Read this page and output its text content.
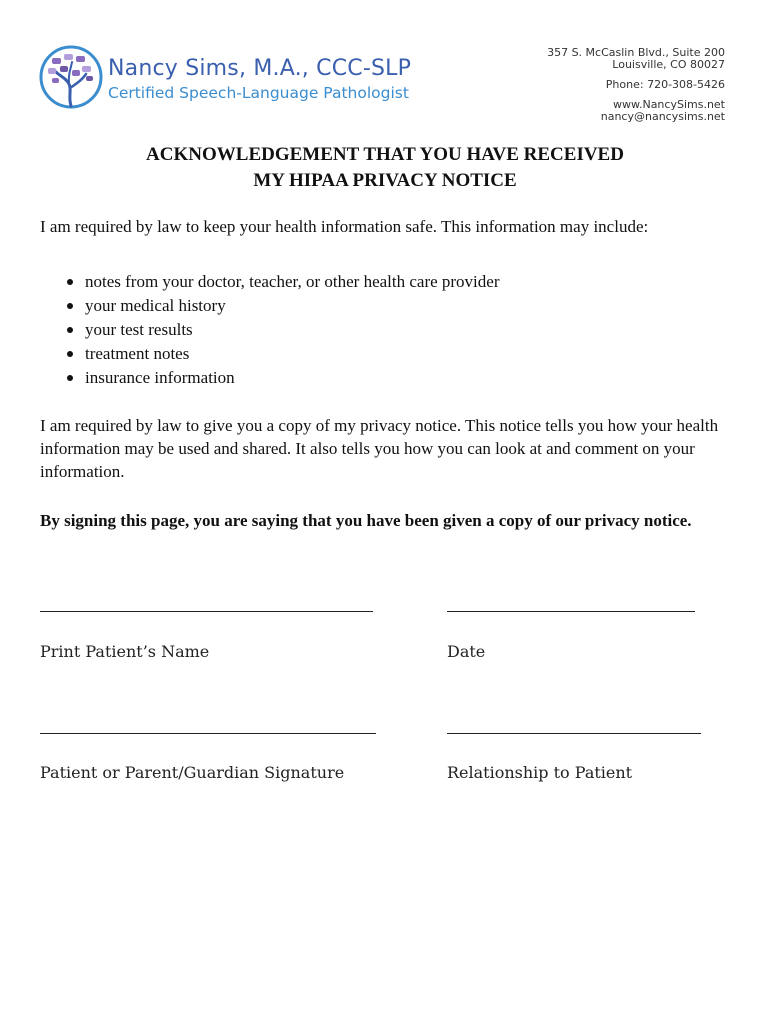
Nancy Sims, M.A., CCC-SLP
Certified Speech-Language Pathologist
357 S. McCaslin Blvd., Suite 200
Louisville, CO 80027
Phone: 720-308-5426
www.NancySims.net
nancy@nancysims.net
ACKNOWLEDGEMENT THAT YOU HAVE RECEIVED
MY HIPAA PRIVACY NOTICE
I am required by law to keep your health information safe. This information may include:
notes from your doctor, teacher, or other health care provider
your medical history
your test results
treatment notes
insurance information
I am required by law to give you a copy of my privacy notice. This notice tells you how your health information may be used and shared. It also tells you how you can look at and comment on your information.
By signing this page, you are saying that you have been given a copy of our privacy notice.
Print Patient’s Name	Date
Patient or Parent/Guardian Signature	Relationship to Patient
